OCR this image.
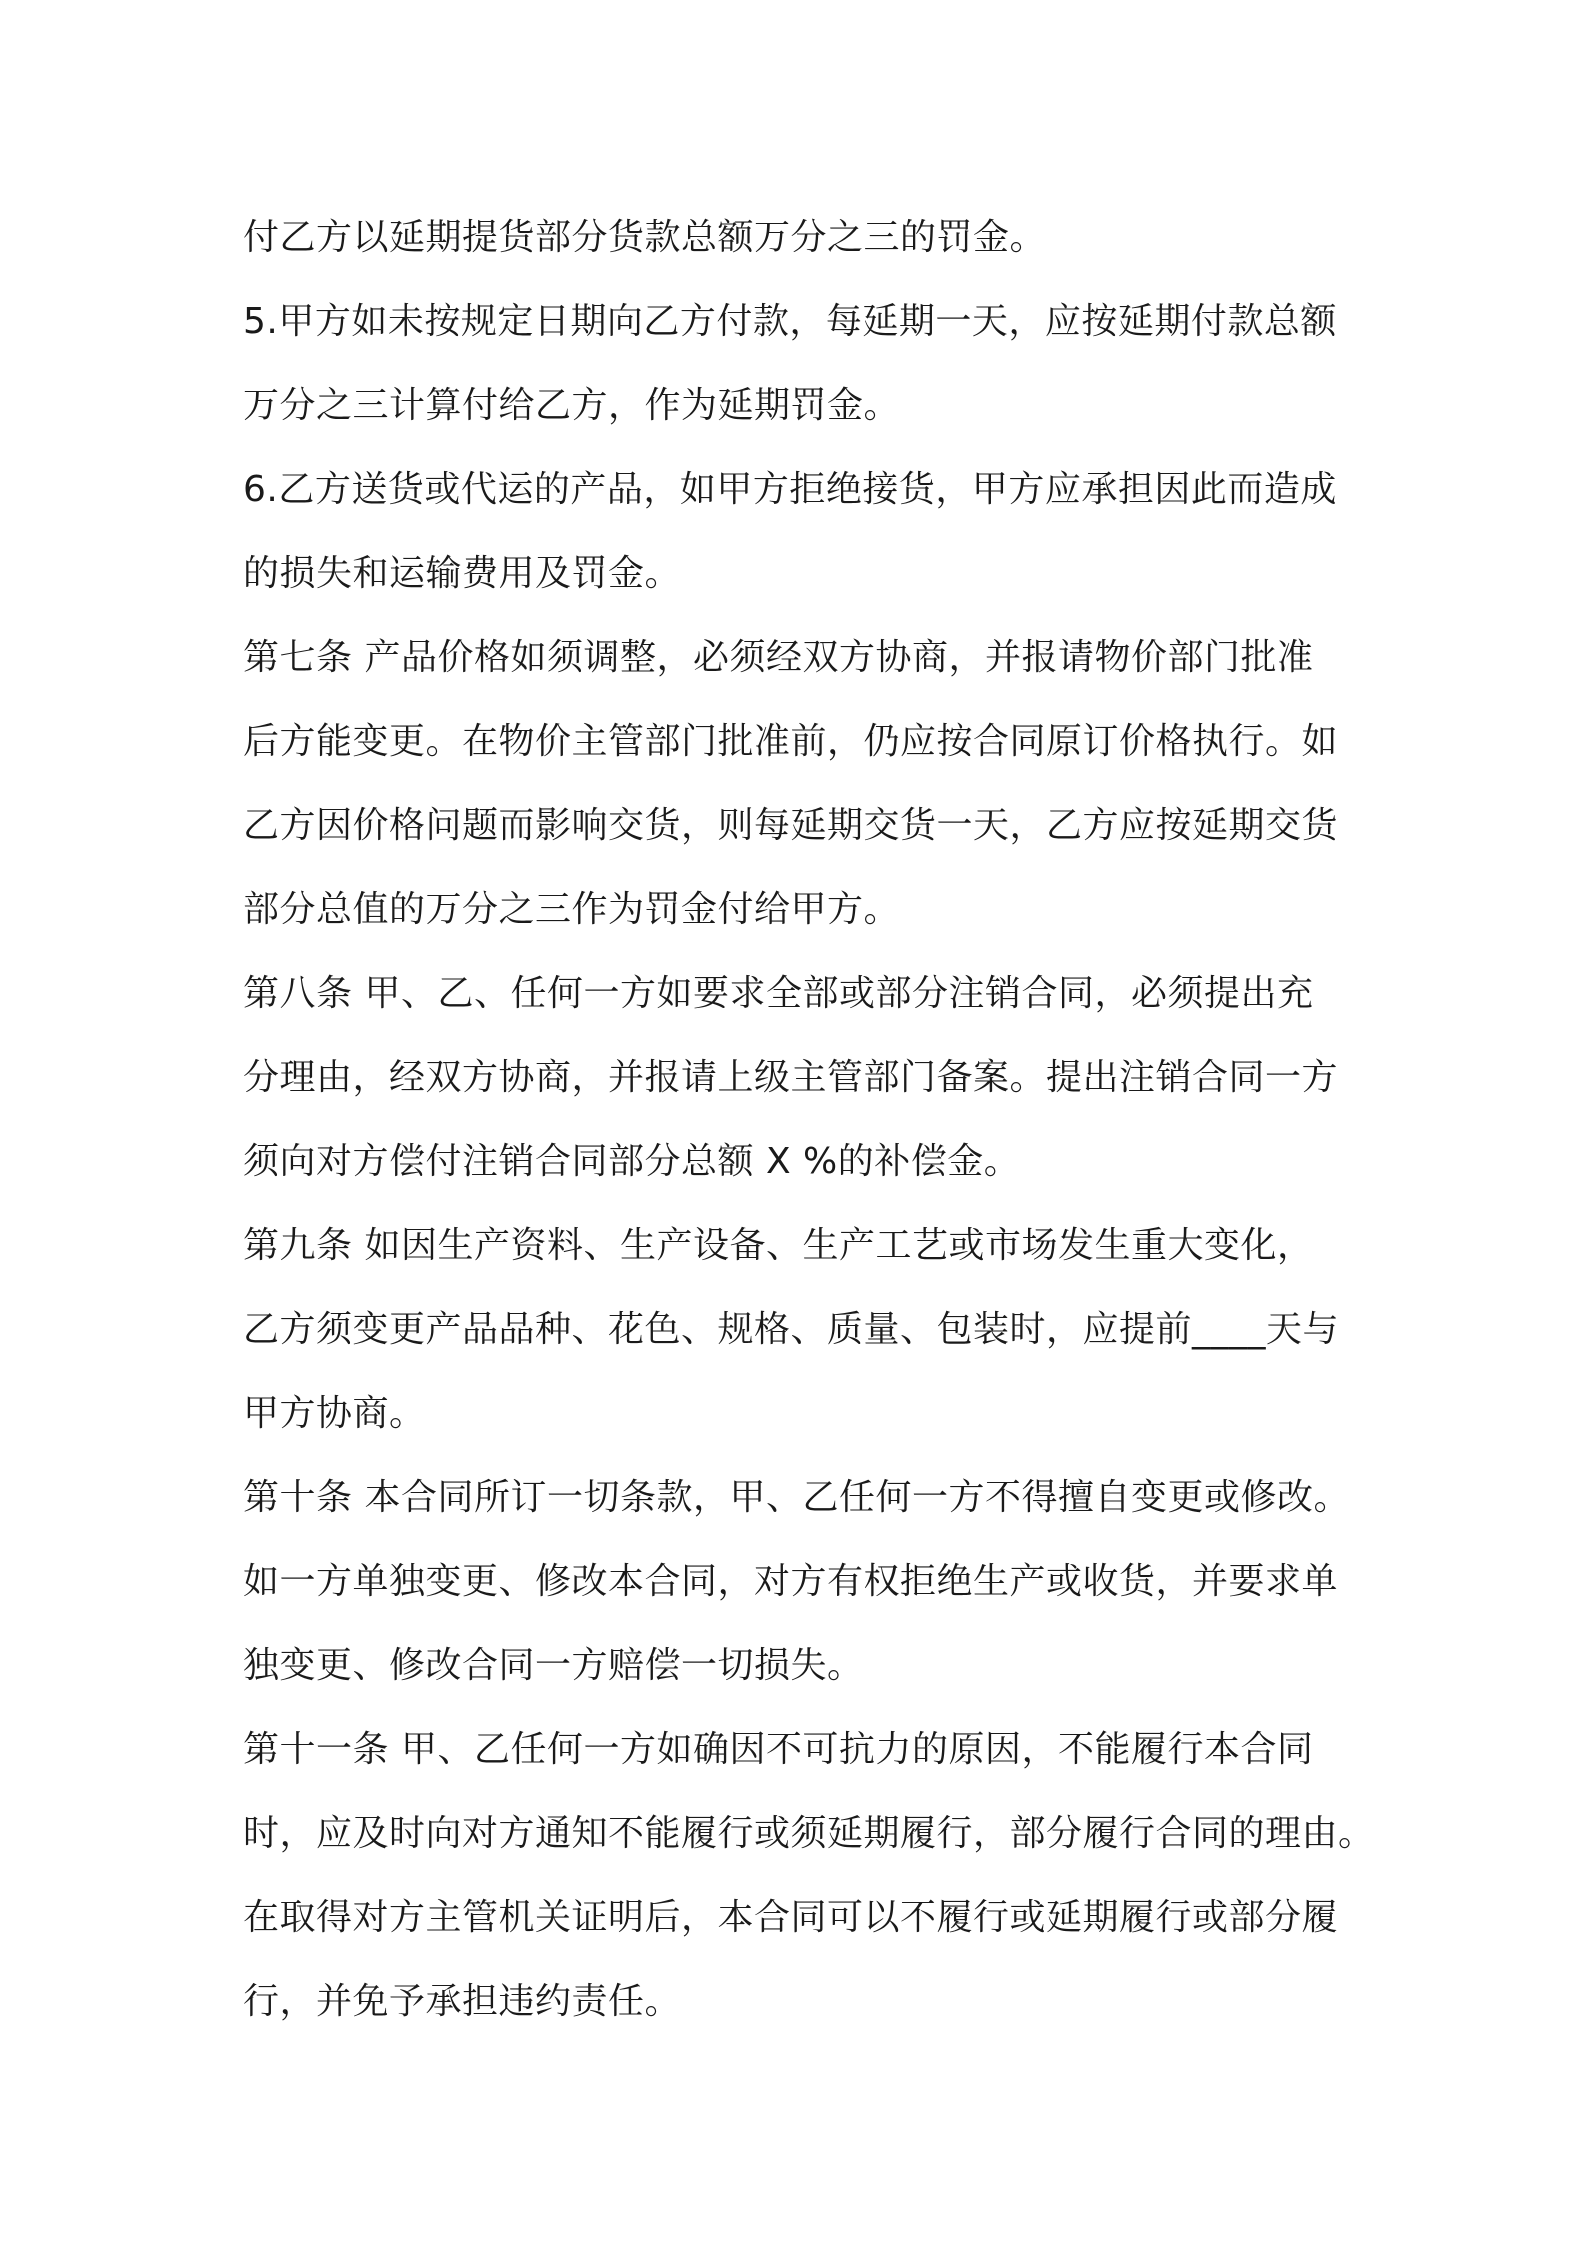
付乙方以延期提货部分货款总额万分之三的罚金。
5.甲方如未按规定日期向乙方付款，每延期一天，应按延期付款总额
万分之三计算付给乙方，作为延期罚金。
6.乙方送货或代运的产品，如甲方拒绝接货，甲方应承担因此而造成
的损失和运输费用及罚金。
第七条 产品价格如须调整，必须经双方协商，并报请物价部门批准
后方能变更。在物价主管部门批准前，仍应按合同原订价格执行。如
乙方因价格问题而影响交货，则每延期交货一天，乙方应按延期交货
部分总值的万分之三作为罚金付给甲方。
第八条 甲、乙、任何一方如要求全部或部分注销合同，必须提出充
分理由，经双方协商，并报请上级主管部门备案。提出注销合同一方
须向对方偿付注销合同部分总额 X %的补偿金。
第九条 如因生产资料、生产设备、生产工艺或市场发生重大变化，
乙方须变更产品品种、花色、规格、质量、包装时，应提前____天与
甲方协商。
第十条 本合同所订一切条款，甲、乙任何一方不得擅自变更或修改。
如一方单独变更、修改本合同，对方有权拒绝生产或收货，并要求单
独变更、修改合同一方赔偿一切损失。
第十一条 甲、乙任何一方如确因不可抗力的原因，不能履行本合同
时，应及时向对方通知不能履行或须延期履行，部分履行合同的理由。
在取得对方主管机关证明后，本合同可以不履行或延期履行或部分履
行，并免予承担违约责任。
